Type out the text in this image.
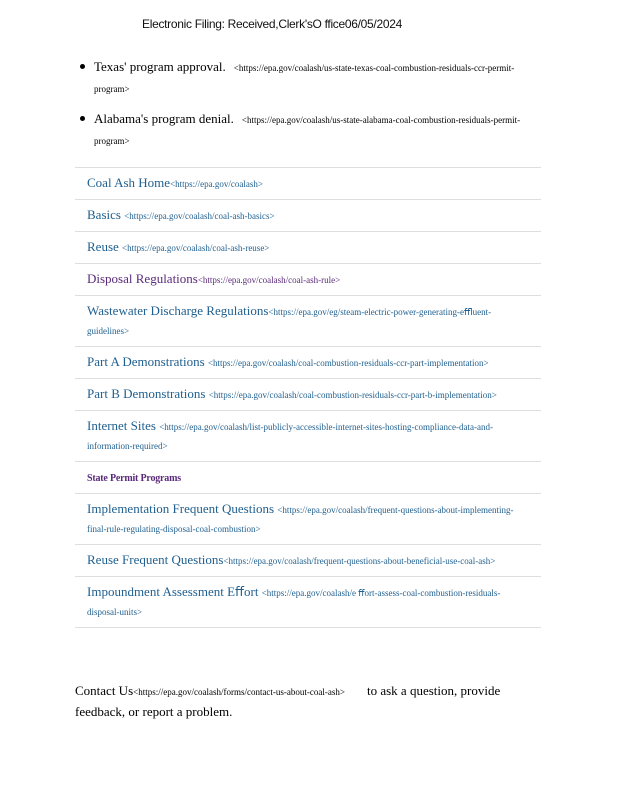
Electronic Filing: Received,Clerk'sO ffice06/05/2024
Texas' program approval. <https://epa.gov/coalash/us-state-texas-coal-combustion-residuals-ccr-permit-program>
Alabama's program denial. <https://epa.gov/coalash/us-state-alabama-coal-combustion-residuals-permit-program>
Coal Ash Home<https://epa.gov/coalash>
Basics <https://epa.gov/coalash/coal-ash-basics>
Reuse <https://epa.gov/coalash/coal-ash-reuse>
Disposal Regulations<https://epa.gov/coalash/coal-ash-rule>
Wastewater Discharge Regulations<https://epa.gov/eg/steam-electric-power-generating-eﬄuent-guidelines>
Part A Demonstrations <https://epa.gov/coalash/coal-combustion-residuals-ccr-part-implementation>
Part B Demonstrations <https://epa.gov/coalash/coal-combustion-residuals-ccr-part-b-implementation>
Internet Sites <https://epa.gov/coalash/list-publicly-accessible-internet-sites-hosting-compliance-data-and-information-required>
State Permit Programs
Implementation Frequent Questions <https://epa.gov/coalash/frequent-questions-about-implementing-final-rule-regulating-disposal-coal-combustion>
Reuse Frequent Questions<https://epa.gov/coalash/frequent-questions-about-beneficial-use-coal-ash>
Impoundment Assessment Eﬀort <https://epa.gov/coalash/e ﬀort-assess-coal-combustion-residuals-disposal-units>
Contact Us<https://epa.gov/coalash/forms/contact-us-about-coal-ash> to ask a question, provide feedback, or report a problem.
